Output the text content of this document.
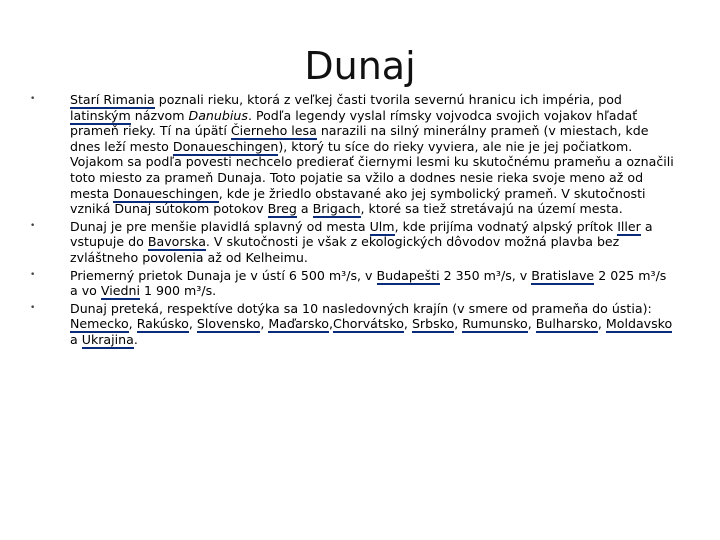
Dunaj
•	Starí Rimania poznali rieku, ktorá z veľkej časti tvorila severnú hranicu ich impéria, pod latinským názvom Danubius. Podľa legendy vyslal rímsky vojvodca svojich vojakov hľadať prameň rieky. Tí na úpätí Čierneho lesa narazili na silný minerálny prameň (v miestach, kde dnes leží mesto Donaueschingen), ktorý tu síce do rieky vyviera, ale nie je jej počiatkom. Vojakom sa podľa povesti nechcelo predierať čiernymi lesmi ku skutočnému prameňu a označili toto miesto za prameň Dunaja. Toto pojatie sa vžilo a dodnes nesie rieka svoje meno až od mesta Donaueschingen, kde je žriedlo obstavané ako jej symbolický prameň. V skutočnosti vzniká Dunaj sútokom potokov Breg a Brigach, ktoré sa tiež stretávajú na území mesta.
•	Dunaj je pre menšie plavidlá splavný od mesta Ulm, kde prijíma vodnatý alpský prítok Iller a vstupuje do Bavorska. V skutočnosti je však z ekologických dôvodov možná plavba bez zvláštneho povolenia až od Kelheimu.
•	Priemerný prietok Dunaja je v ústí 6 500 m³/s, v Budapešti 2 350 m³/s, v Bratislave 2 025 m³/s a vo Viedni 1 900 m³/s.
•	Dunaj preteká, respektíve dotýka sa 10 nasledovných krajín (v smere od prameňa do ústia): Nemecko, Rakúsko, Slovensko, Maďarsko,Chorvátsko, Srbsko, Rumunsko, Bulharsko, Moldavsko a Ukrajina.
